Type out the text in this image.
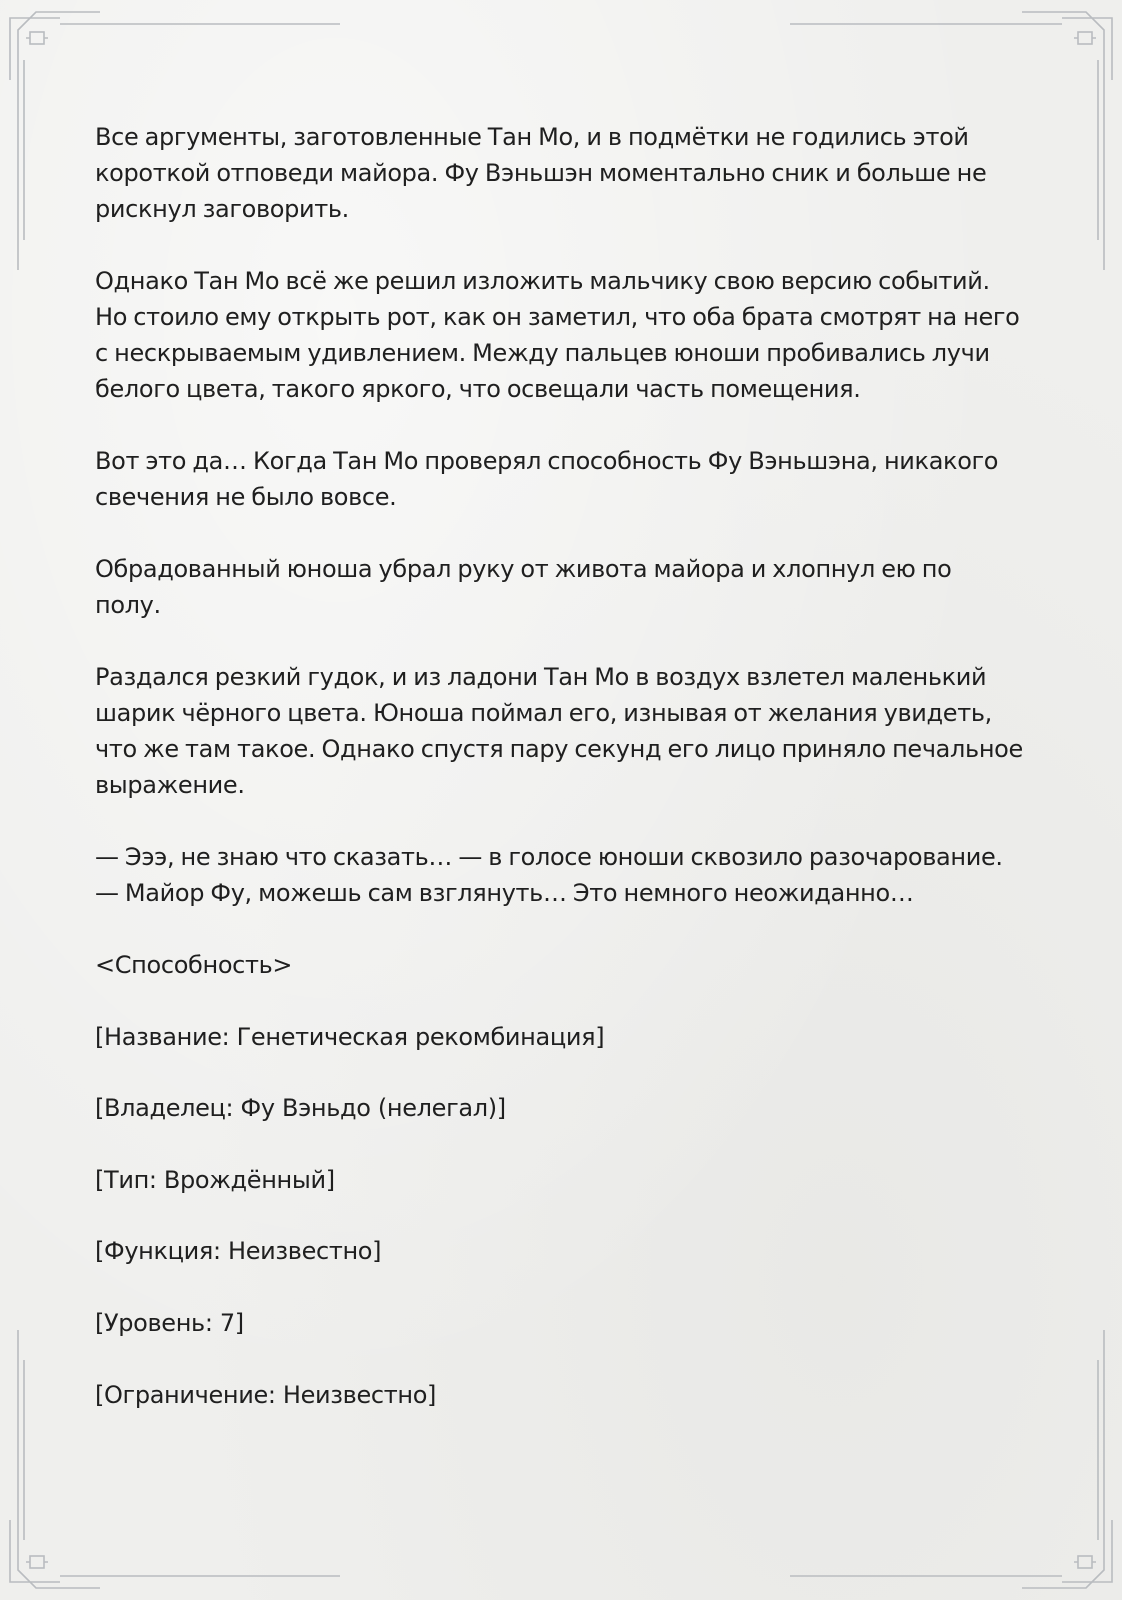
Все аргументы, заготовленные Тан Мо, и в подмётки не годились этой
короткой отповеди майора. Фу Вэньшэн моментально сник и больше не
рискнул заговорить.

Однако Тан Мо всё же решил изложить мальчику свою версию событий.
Но стоило ему открыть рот, как он заметил, что оба брата смотрят на него
с нескрываемым удивлением. Между пальцев юноши пробивались лучи
белого цвета, такого яркого, что освещали часть помещения.

Вот это да… Когда Тан Мо проверял способность Фу Вэньшэна, никакого
свечения не было вовсе.

Обрадованный юноша убрал руку от живота майора и хлопнул ею по
полу.

Раздался резкий гудок, и из ладони Тан Мо в воздух взлетел маленький
шарик чёрного цвета. Юноша поймал его, изнывая от желания увидеть,
что же там такое. Однако спустя пару секунд его лицо приняло печальное
выражение.

— Эээ, не знаю что сказать… — в голосе юноши сквозило разочарование.
— Майор Фу, можешь сам взглянуть… Это немного неожиданно…

<Способность>

[Название: Генетическая рекомбинация]

[Владелец: Фу Вэньдо (нелегал)]

[Тип: Врождённый]

[Функция: Неизвестно]

[Уровень: 7]

[Ограничение: Неизвестно]
